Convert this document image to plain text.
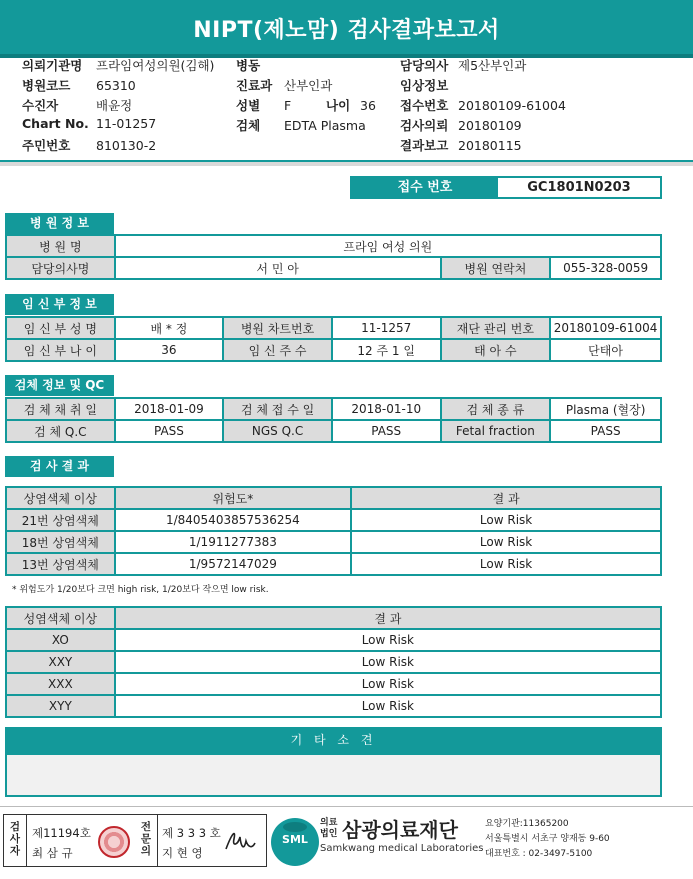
NIPT(제노맘) 검사결과보고서
의뢰기관명 프라임여성의원(김해)
병원코드 65310
수진자	배윤정
Chart No. 11-01257
주민번호 810130-2
병동
진료과 산부인과
성별 F	나이 36
검체 EDTA Plasma
담당의사 제5산부인과
임상정보
접수번호 20180109-61004
검사의뢰 20180109
결과보고 20180115
접수 번호	GC1801N0203
병 원 정 보
병 원 명	프라임 여성 의원		
담당의사명	서 민 아	병원 연락처	055-328-0059
임 신 부 정 보
임 신 부 성 명	배 * 정	병원 차트번호	11-1257	재단 관리 번호	20180109-61004
임 신 부 나 이	36	임 신 주 수	12 주 1 일	태 아 수	단태아
검체 정보 및 QC
검 체 채 취 일	2018-01-09	검 체 접 수 일	2018-01-10	검 체 종 류	Plasma (혈장)
검 체 Q.C	PASS	NGS Q.C	PASS	Fetal fraction	PASS
검 사 결 과
상염색체 이상	위험도*	결 과
21번 상염색체	1/8405403857536254	Low Risk
18번 상염색체	1/1911277383	Low Risk
13번 상염색체	1/9572147029	Low Risk
* 위험도가 1/20보다 크면 high risk, 1/20보다 작으면 low risk.
성염색체 이상	결 과
XO	Low Risk
XXY	Low Risk
XXX	Low Risk
XYY	Low Risk
기 타 소 견
검사자
제11194호
최 삼 규
전문의
제 3 3 3 호
지 현 영
SML
의료
법인 삼광의료재단
Samkwang medical Laboratories
요양기관:11365200
서울특별시 서초구 양재동 9-60
대표번호 : 02-3497-5100
